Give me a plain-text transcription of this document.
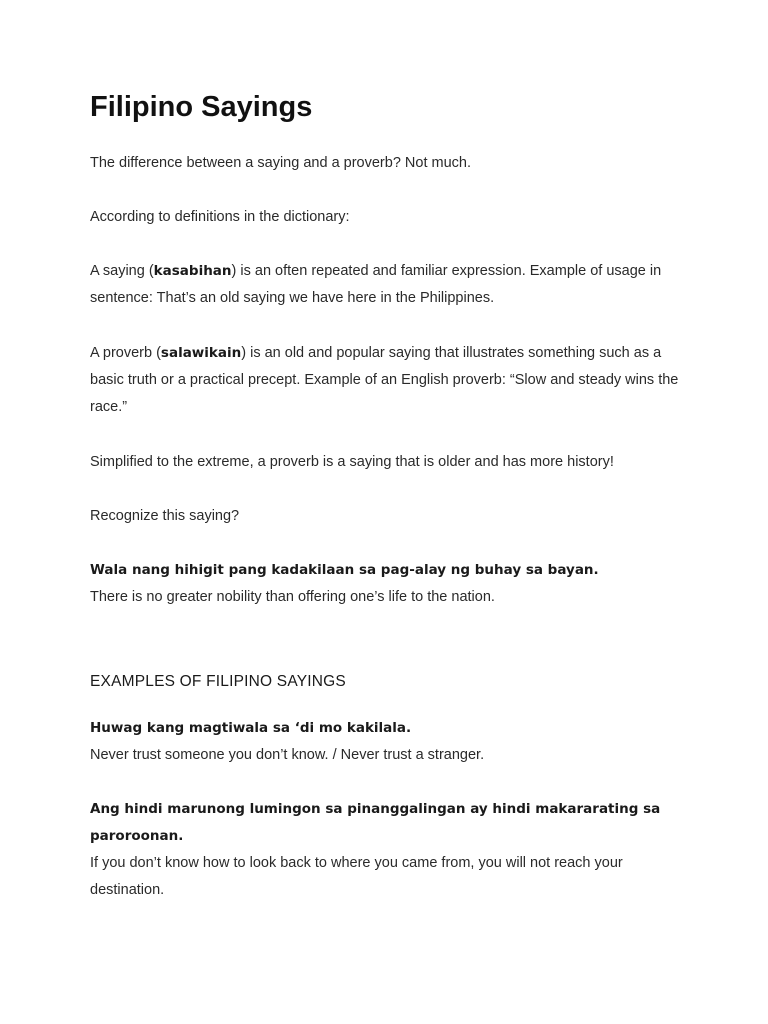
Filipino Sayings

The difference between a saying and a proverb? Not much.

According to definitions in the dictionary:

A saying (kasabihan) is an often repeated and familiar expression. Example of usage in sentence: That’s an old saying we have here in the Philippines.

A proverb (salawikain) is an old and popular saying that illustrates something such as a basic truth or a practical precept. Example of an English proverb: “Slow and steady wins the race.”

Simplified to the extreme, a proverb is a saying that is older and has more history!

Recognize this saying?

Wala nang hihigit pang kadakilaan sa pag-alay ng buhay sa bayan.
There is no greater nobility than offering one’s life to the nation.

EXAMPLES OF FILIPINO SAYINGS

Huwag kang magtiwala sa ‘di mo kakilala.
Never trust someone you don’t know. / Never trust a stranger.

Ang hindi marunong lumingon sa pinanggalingan ay hindi makararating sa paroroonan.
If you don’t know how to look back to where you came from, you will not reach your destination.
